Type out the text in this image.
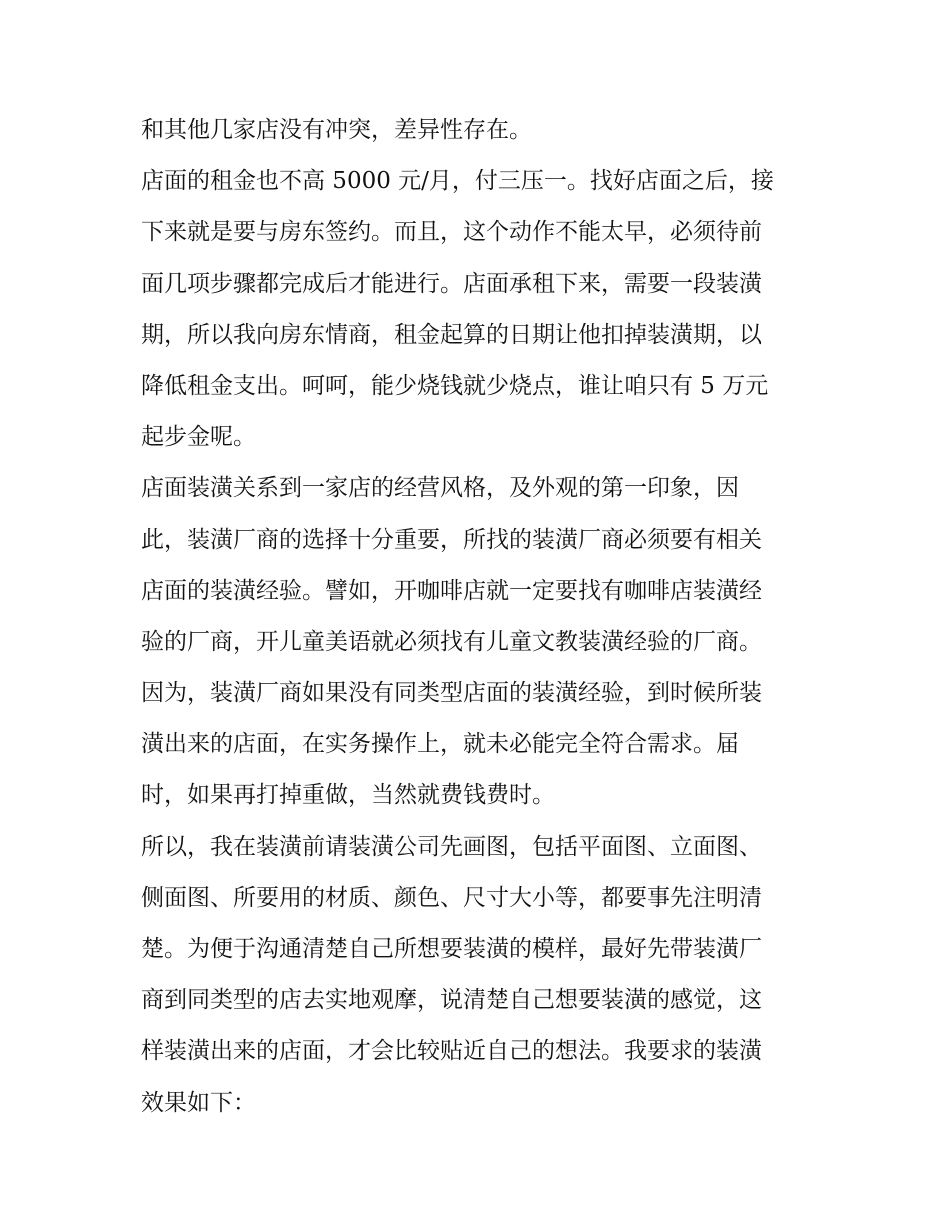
和其他几家店没有冲突，差异性存在。
店面的租金也不高 5000 元/月，付三压一。找好店面之后，接
下来就是要与房东签约。而且，这个动作不能太早，必须待前
面几项步骤都完成后才能进行。店面承租下来，需要一段装潢
期，所以我向房东情商，租金起算的日期让他扣掉装潢期，以
降低租金支出。呵呵，能少烧钱就少烧点，谁让咱只有 5 万元
起步金呢。
店面装潢关系到一家店的经营风格，及外观的第一印象，因
此，装潢厂商的选择十分重要，所找的装潢厂商必须要有相关
店面的装潢经验。譬如，开咖啡店就一定要找有咖啡店装潢经
验的厂商，开儿童美语就必须找有儿童文教装潢经验的厂商。
因为，装潢厂商如果没有同类型店面的装潢经验，到时候所装
潢出来的店面，在实务操作上，就未必能完全符合需求。届
时，如果再打掉重做，当然就费钱费时。
所以，我在装潢前请装潢公司先画图，包括平面图、立面图、
侧面图、所要用的材质、颜色、尺寸大小等，都要事先注明清
楚。为便于沟通清楚自己所想要装潢的模样，最好先带装潢厂
商到同类型的店去实地观摩，说清楚自己想要装潢的感觉，这
样装潢出来的店面，才会比较贴近自己的想法。我要求的装潢
效果如下：
